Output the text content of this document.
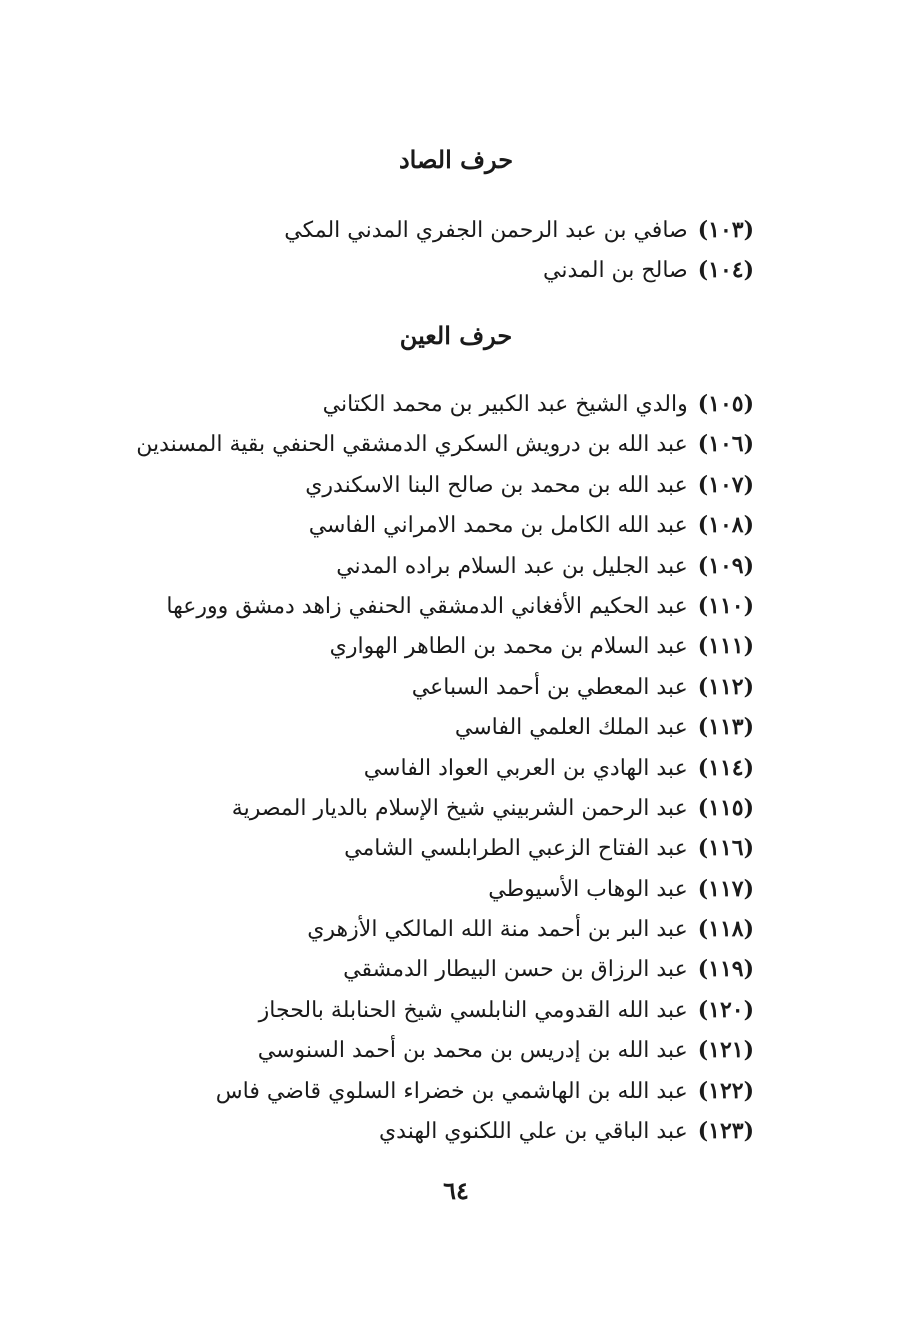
حرف الصاد
(١٠٣)صافي بن عبد الرحمن الجفري المدني المكي
(١٠٤)صالح بن المدني
حرف العين
(١٠٥)والدي الشيخ عبد الكبير بن محمد الكتاني
(١٠٦)عبد الله بن درويش السكري الدمشقي الحنفي بقية المسندين
(١٠٧)عبد الله بن محمد بن صالح البنا الاسكندري
(١٠٨)عبد الله الكامل بن محمد الامراني الفاسي
(١٠٩)عبد الجليل بن عبد السلام براده المدني
(١١٠)عبد الحكيم الأفغاني الدمشقي الحنفي زاهد دمشق وورعها
(١١١)عبد السلام بن محمد بن الطاهر الهواري
(١١٢)عبد المعطي بن أحمد السباعي
(١١٣)عبد الملك العلمي الفاسي
(١١٤)عبد الهادي بن العربي العواد الفاسي
(١١٥)عبد الرحمن الشربيني شيخ الإسلام بالديار المصرية
(١١٦)عبد الفتاح الزعبي الطرابلسي الشامي
(١١٧)عبد الوهاب الأسيوطي
(١١٨)عبد البر بن أحمد منة الله المالكي الأزهري
(١١٩)عبد الرزاق بن حسن البيطار الدمشقي
(١٢٠)عبد الله القدومي النابلسي شيخ الحنابلة بالحجاز
(١٢١)عبد الله بن إدريس بن محمد بن أحمد السنوسي
(١٢٢)عبد الله بن الهاشمي بن خضراء السلوي قاضي فاس
(١٢٣)عبد الباقي بن علي اللكنوي الهندي
٦٤
